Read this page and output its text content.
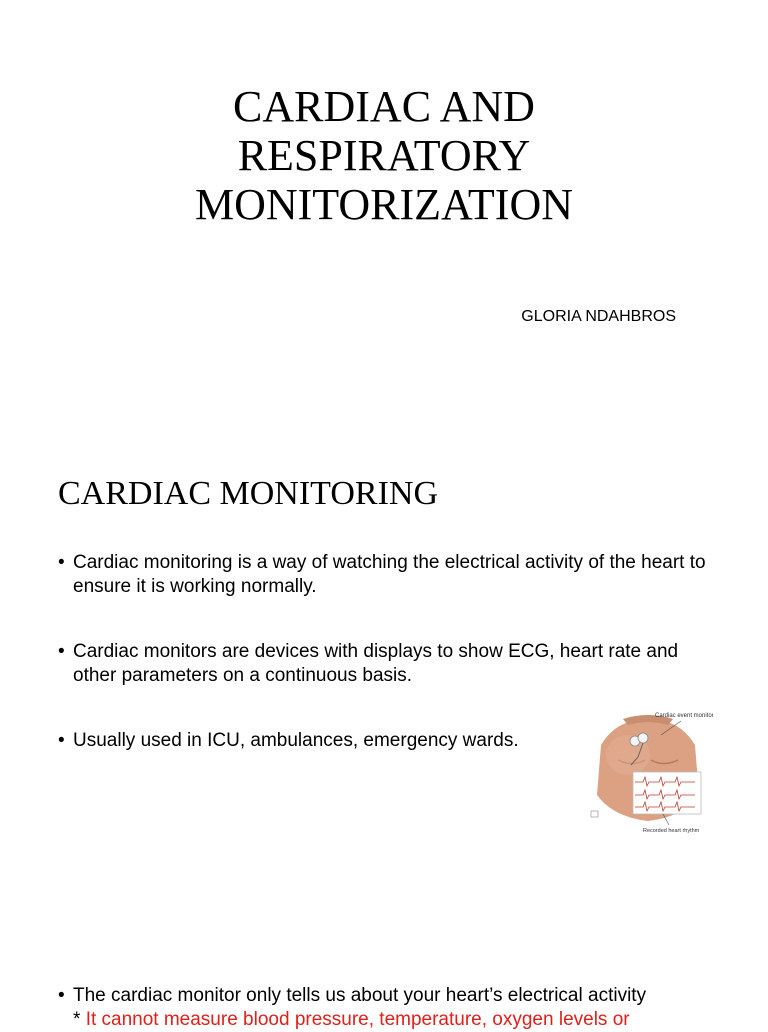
CARDIAC AND
RESPIRATORY
MONITORIZATION
GLORIA NDAHBROS
CARDIAC MONITORING
• Cardiac monitoring is a way of watching the electrical activity of the heart to ensure it is working normally.
• Cardiac monitors are devices with displays to show ECG, heart rate and other parameters on a continuous basis.
• Usually used in ICU, ambulances, emergency wards.
Cardiac event monitor
Recorded heart rhythm
• The cardiac monitor only tells us about your heart’s electrical activity
* It cannot measure blood pressure, temperature, oxygen levels or
